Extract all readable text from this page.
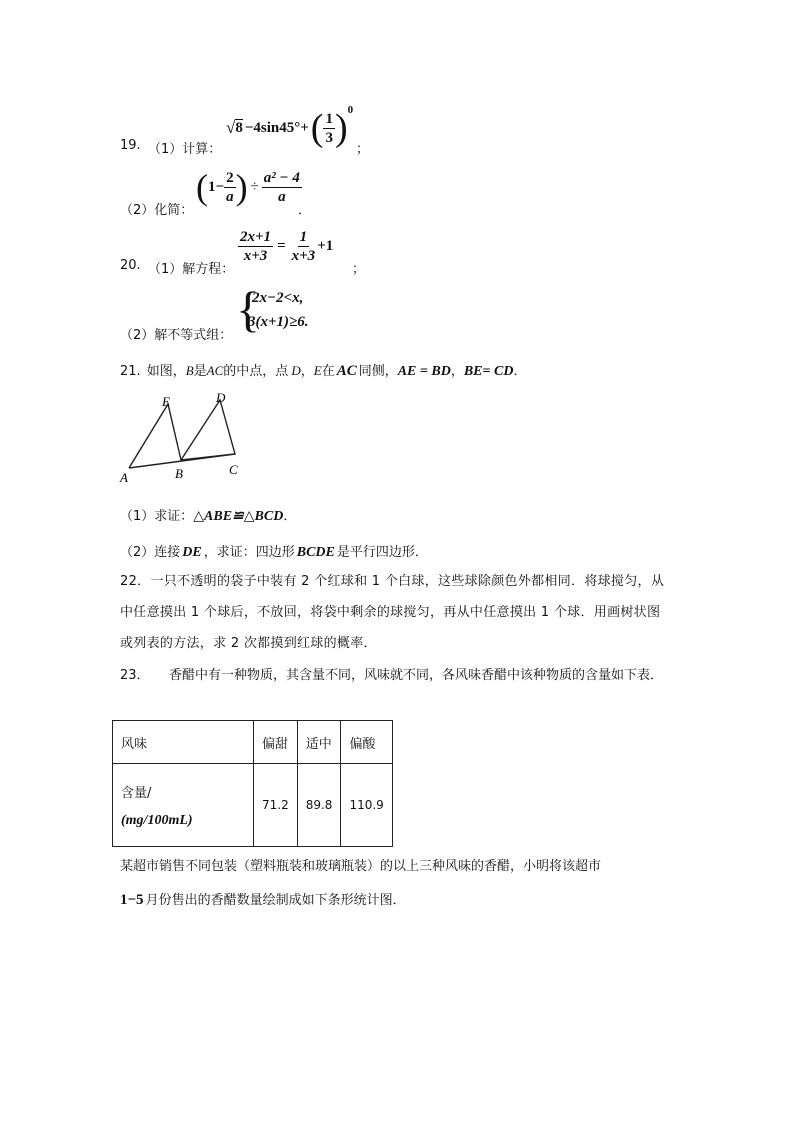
19. （1）计算：
√ 8 −4sin45°+ ( $\frac{1}{3}$ ) 0
；
（2）化简：
( $1- \frac{2}{a}$ ) ÷ $\frac{\text{a² − 4}}{a}$
．
20. （1）解方程：
$\frac{2x+1}{x+3} = \frac{1}{x+3} +1$
；
（2）解不等式组： {
2x−2<x,
3(x+1)≥6.
21. 如图， B 是 AC 的中点，点 D ， E 在 AC 同侧， AE = BD ， BE= CD ．
A	B	C
D
E
（1）求证： △ABE≌△BCD ．
（2）连接 DE ，求证：四边形 BCDE 是平行四边形．
22．一只不透明的袋子中装有 2 个红球和 1 个白球，这些球除颜色外都相同．将球搅匀，从中任意摸出 1 个球后，不放回，将袋中剩余的球搅匀，再从中任意摸出 1 个球．用画树状图或列表的方法，求 2 次都摸到红球的概率．
23．　　香醋中有一种物质，其含量不同，风味就不同，各风味香醋中该种物质的含量如下表．
风味	偏甜	适中	偏酸

含量/
(mg/100mL)	71.2	89.8	110.9
某超市销售不同包装（塑料瓶装和玻璃瓶装）的以上三种风味的香醋，小明将该超市
1−5 月份售出的香醋数量绘制成如下条形统计图．
